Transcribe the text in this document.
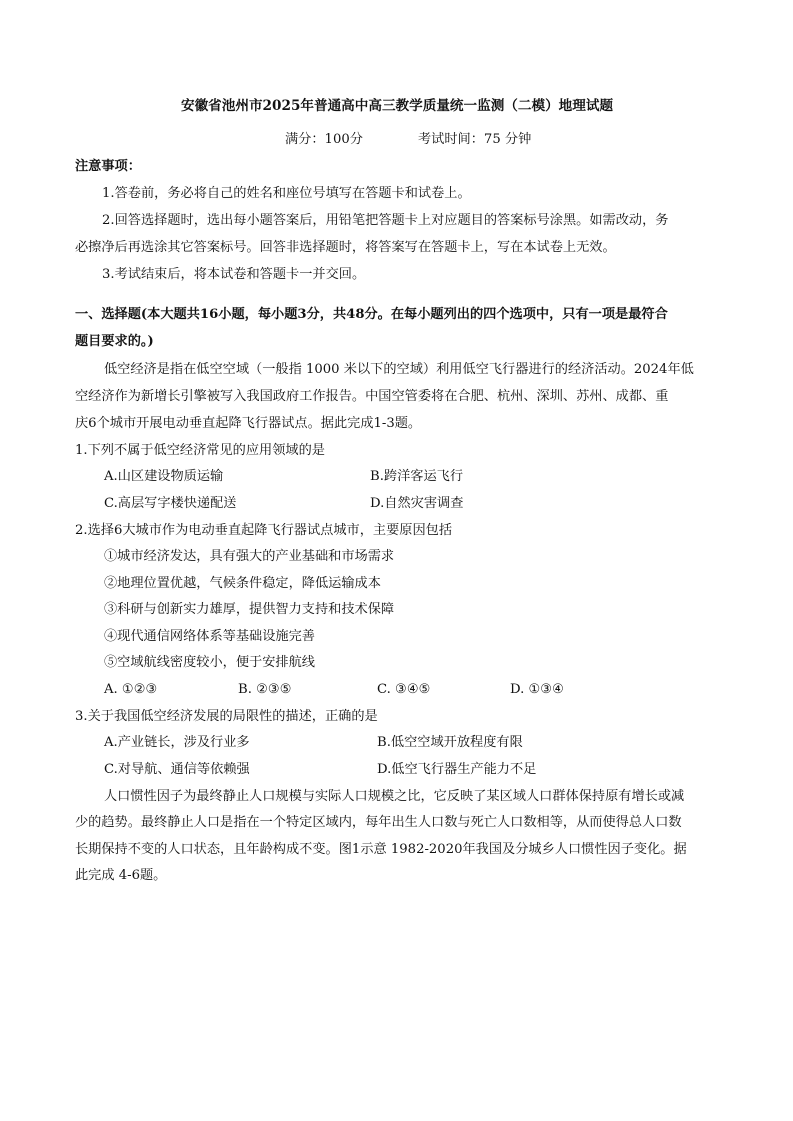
安徽省池州市2025年普通高中高三教学质量统一监测（二模）地理试题
满分：100分	考试时间：75 分钟
注意事项：
1.答卷前，务必将自己的姓名和座位号填写在答题卡和试卷上。
2.回答选择题时，选出每小题答案后，用铅笔把答题卡上对应题目的答案标号涂黑。如需改动，务
必擦净后再选涂其它答案标号。回答非选择题时，将答案写在答题卡上，写在本试卷上无效。
3.考试结束后，将本试卷和答题卡一并交回。
一、选择题(本大题共16小题，每小题3分，共48分。在每小题列出的四个选项中，只有一项是最符合
题目要求的。)
低空经济是指在低空空域（一般指 1000 米以下的空域）利用低空飞行器进行的经济活动。2024年低
空经济作为新增长引擎被写入我国政府工作报告。中国空管委将在合肥、杭州、深圳、苏州、成都、重
庆6个城市开展电动垂直起降飞行器试点。据此完成1-3题。
1.下列不属于低空经济常见的应用领域的是
A.山区建设物质运输	B.跨洋客运飞行
C.高层写字楼快递配送	D.自然灾害调查
2.选择6大城市作为电动垂直起降飞行器试点城市，主要原因包括
①城市经济发达，具有强大的产业基础和市场需求
②地理位置优越，气候条件稳定，降低运输成本
③科研与创新实力雄厚，提供智力支持和技术保障
④现代通信网络体系等基础设施完善
⑤空域航线密度较小，便于安排航线
A. ①②③	B. ②③⑤	C. ③④⑤	D. ①③④
3.关于我国低空经济发展的局限性的描述，正确的是
A.产业链长，涉及行业多	B.低空空域开放程度有限
C.对导航、通信等依赖强	D.低空飞行器生产能力不足
人口惯性因子为最终静止人口规模与实际人口规模之比，它反映了某区域人口群体保持原有增长或减
少的趋势。最终静止人口是指在一个特定区域内，每年出生人口数与死亡人口数相等，从而使得总人口数
长期保持不变的人口状态，且年龄构成不变。图1示意 1982-2020年我国及分城乡人口惯性因子变化。据
此完成 4-6题。
